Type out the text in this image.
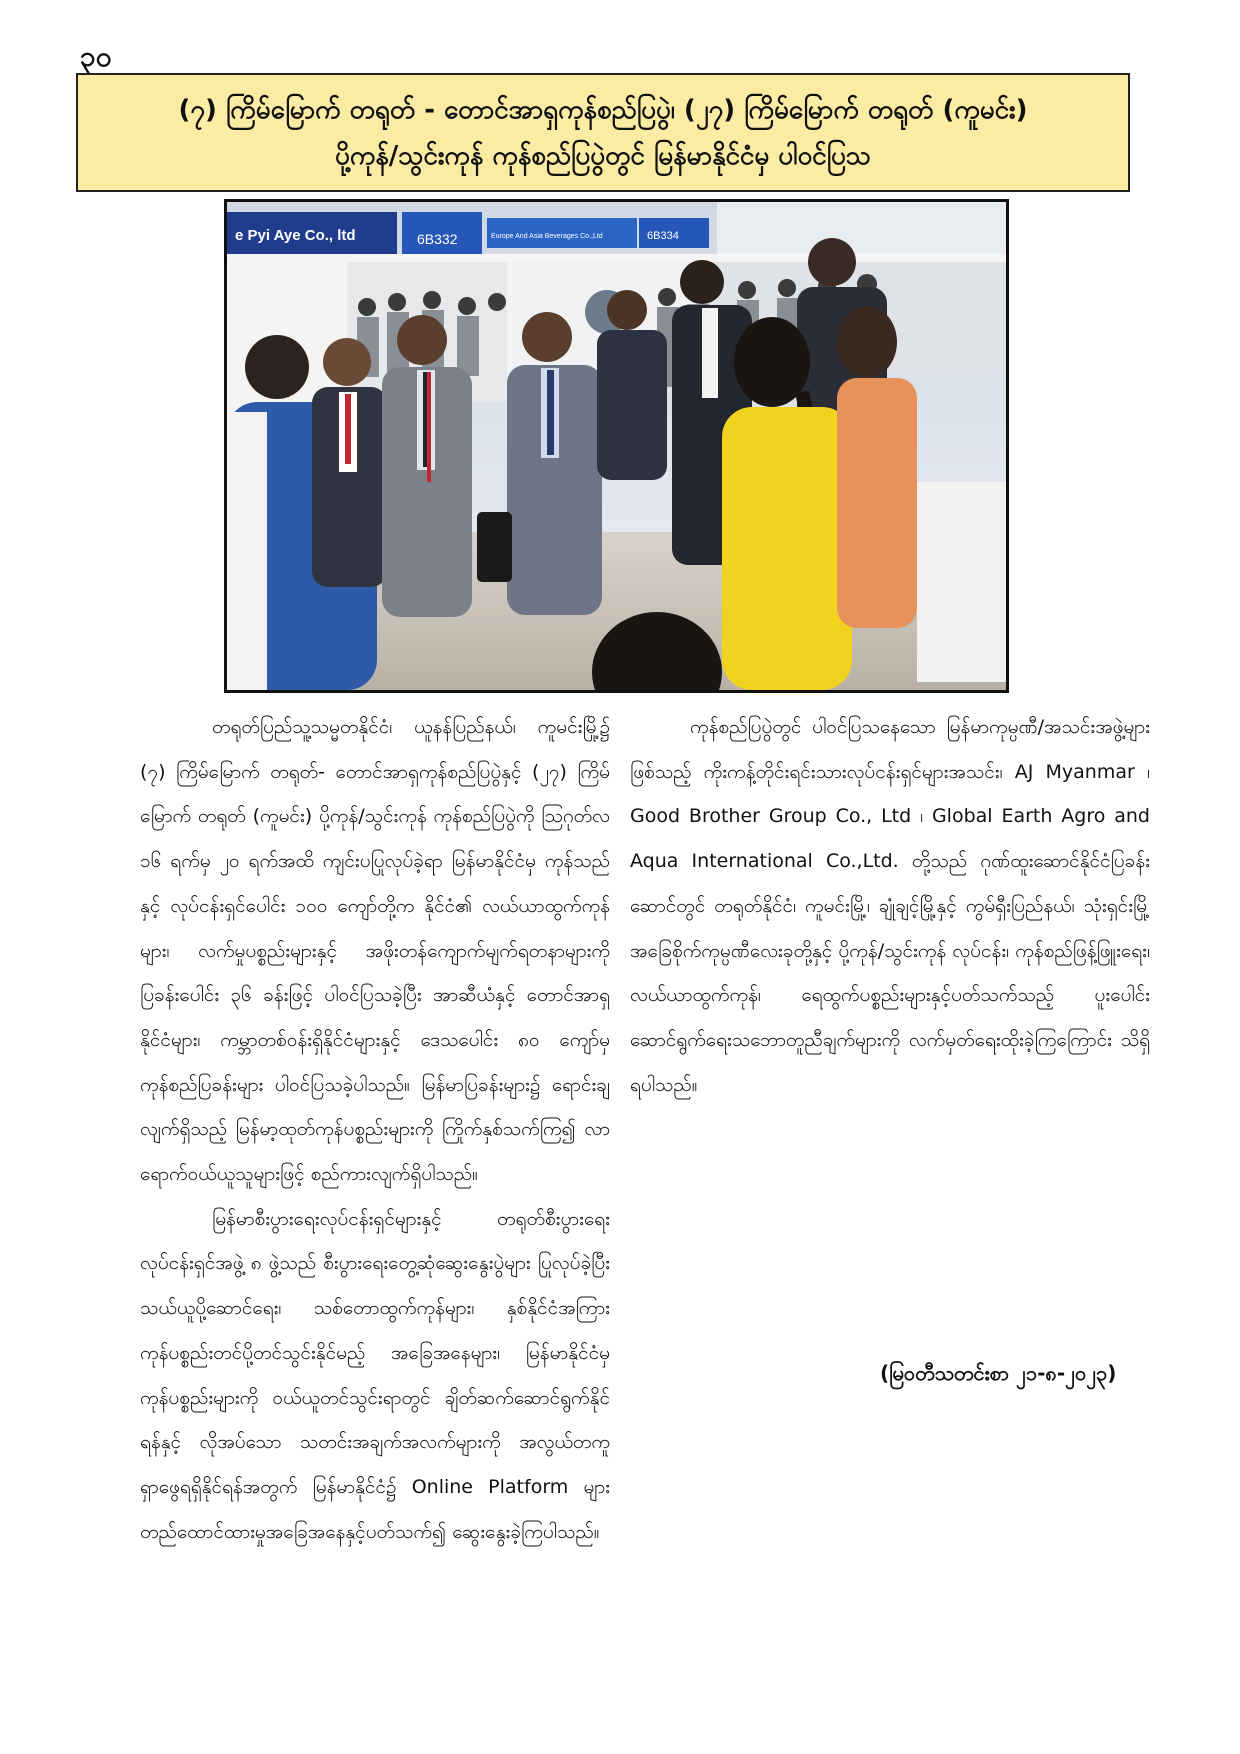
၃၀
(၇) ကြိမ်မြောက် တရုတ် - တောင်အာရှကုန်စည်ပြပွဲ၊ (၂၇) ကြိမ်မြောက် တရုတ် (ကူမင်း)
ပို့ကုန်/သွင်းကုန် ကုန်စည်ပြပွဲတွင် မြန်မာနိုင်ငံမှ ပါဝင်ပြသ
e Pyi Aye Co., ltd	6B332	Europe And Asia Beverages Co.,Ltd	6B334

တရုတ်ပြည်သူ့သမ္မတနိုင်ငံ၊ ယူနန်ပြည်နယ်၊ ကူမင်းမြို့၌ (၇) ကြိမ်မြောက် တရုတ်- တောင်အာရှကုန်စည်ပြပွဲနှင့် (၂၇) ကြိမ်မြောက် တရုတ် (ကူမင်း) ပို့ကုန်/သွင်းကုန် ကုန်စည်ပြပွဲကို ဩဂုတ်လ ၁၆ ရက်မှ ၂၀ ရက်အထိ ကျင်းပပြုလုပ်ခဲ့ရာ မြန်မာနိုင်ငံမှ ကုန်သည်နှင့် လုပ်ငန်းရှင်ပေါင်း ၁၀၀ ကျော်တို့က နိုင်ငံ၏ လယ်ယာထွက်ကုန်များ၊ လက်မှုပစ္စည်းများနှင့် အဖိုးတန်ကျောက်မျက်ရတနာများကို ပြခန်းပေါင်း ၃၆ ခန်းဖြင့် ပါဝင်ပြသခဲ့ပြီး အာဆီယံနှင့် တောင်အာရှနိုင်ငံများ၊ ကမ္ဘာတစ်ဝန်းရှိနိုင်ငံများနှင့် ဒေသပေါင်း ၈၀ ကျော်မှ ကုန်စည်ပြခန်းများ ပါဝင်ပြသခဲ့ပါသည်။ မြန်မာပြခန်းများ၌ ရောင်းချလျက်ရှိသည့် မြန်မာ့ထုတ်ကုန်ပစ္စည်းများကို ကြိုက်နှစ်သက်ကြ၍ လာရောက်ဝယ်ယူသူများဖြင့် စည်ကားလျက်ရှိပါသည်။

မြန်မာစီးပွားရေးလုပ်ငန်းရှင်များနှင့် တရုတ်စီးပွားရေးလုပ်ငန်းရှင်အဖွဲ့ ၈ ဖွဲ့သည် စီးပွားရေးတွေ့ဆုံဆွေးနွေးပွဲများ ပြုလုပ်ခဲ့ပြီး သယ်ယူပို့ဆောင်ရေး၊ သစ်တောထွက်ကုန်များ၊ နှစ်နိုင်ငံအကြား ကုန်ပစ္စည်းတင်ပို့တင်သွင်းနိုင်မည့် အခြေအနေများ၊ မြန်မာနိုင်ငံမှ ကုန်ပစ္စည်းများကို ဝယ်ယူတင်သွင်းရာတွင် ချိတ်ဆက်ဆောင်ရွက်နိုင်ရန်နှင့် လိုအပ်သော သတင်းအချက်အလက်များကို အလွယ်တကူရှာဖွေရရှိနိုင်ရန်အတွက် မြန်မာနိုင်ငံ၌ Online Platform များ တည်ထောင်ထားမှုအခြေအနေနှင့်ပတ်သက်၍ ဆွေးနွေးခဲ့ကြပါသည်။

ကုန်စည်ပြပွဲတွင် ပါဝင်ပြသနေသော မြန်မာကုမ္ပဏီ/အသင်းအဖွဲ့များဖြစ်သည့် ကိုးကန့်တိုင်းရင်းသားလုပ်ငန်းရှင်များအသင်း၊ AJ Myanmar ၊ Good Brother Group Co., Ltd ၊ Global Earth Agro and Aqua International Co.,Ltd. တို့သည် ဂုဏ်ထူးဆောင်နိုင်ငံပြခန်းဆောင်တွင် တရုတ်နိုင်ငံ၊ ကူမင်းမြို့၊ ချုံချင့်မြို့နှင့် ကွမ်ရှီးပြည်နယ်၊ သုံးရှင်းမြို့အခြေစိုက်ကုမ္ပဏီလေးခုတို့နှင့် ပို့ကုန်/သွင်းကုန် လုပ်ငန်း၊ ကုန်စည်ဖြန့်ဖြူးရေး၊ လယ်ယာထွက်ကုန်၊ ရေထွက်ပစ္စည်းများနှင့်ပတ်သက်သည့် ပူးပေါင်းဆောင်ရွက်ရေးသဘောတူညီချက်များကို လက်မှတ်ရေးထိုးခဲ့ကြကြောင်း သိရှိရပါသည်။

(မြဝတီသတင်းစာ ၂၁-၈-၂၀၂၃)
